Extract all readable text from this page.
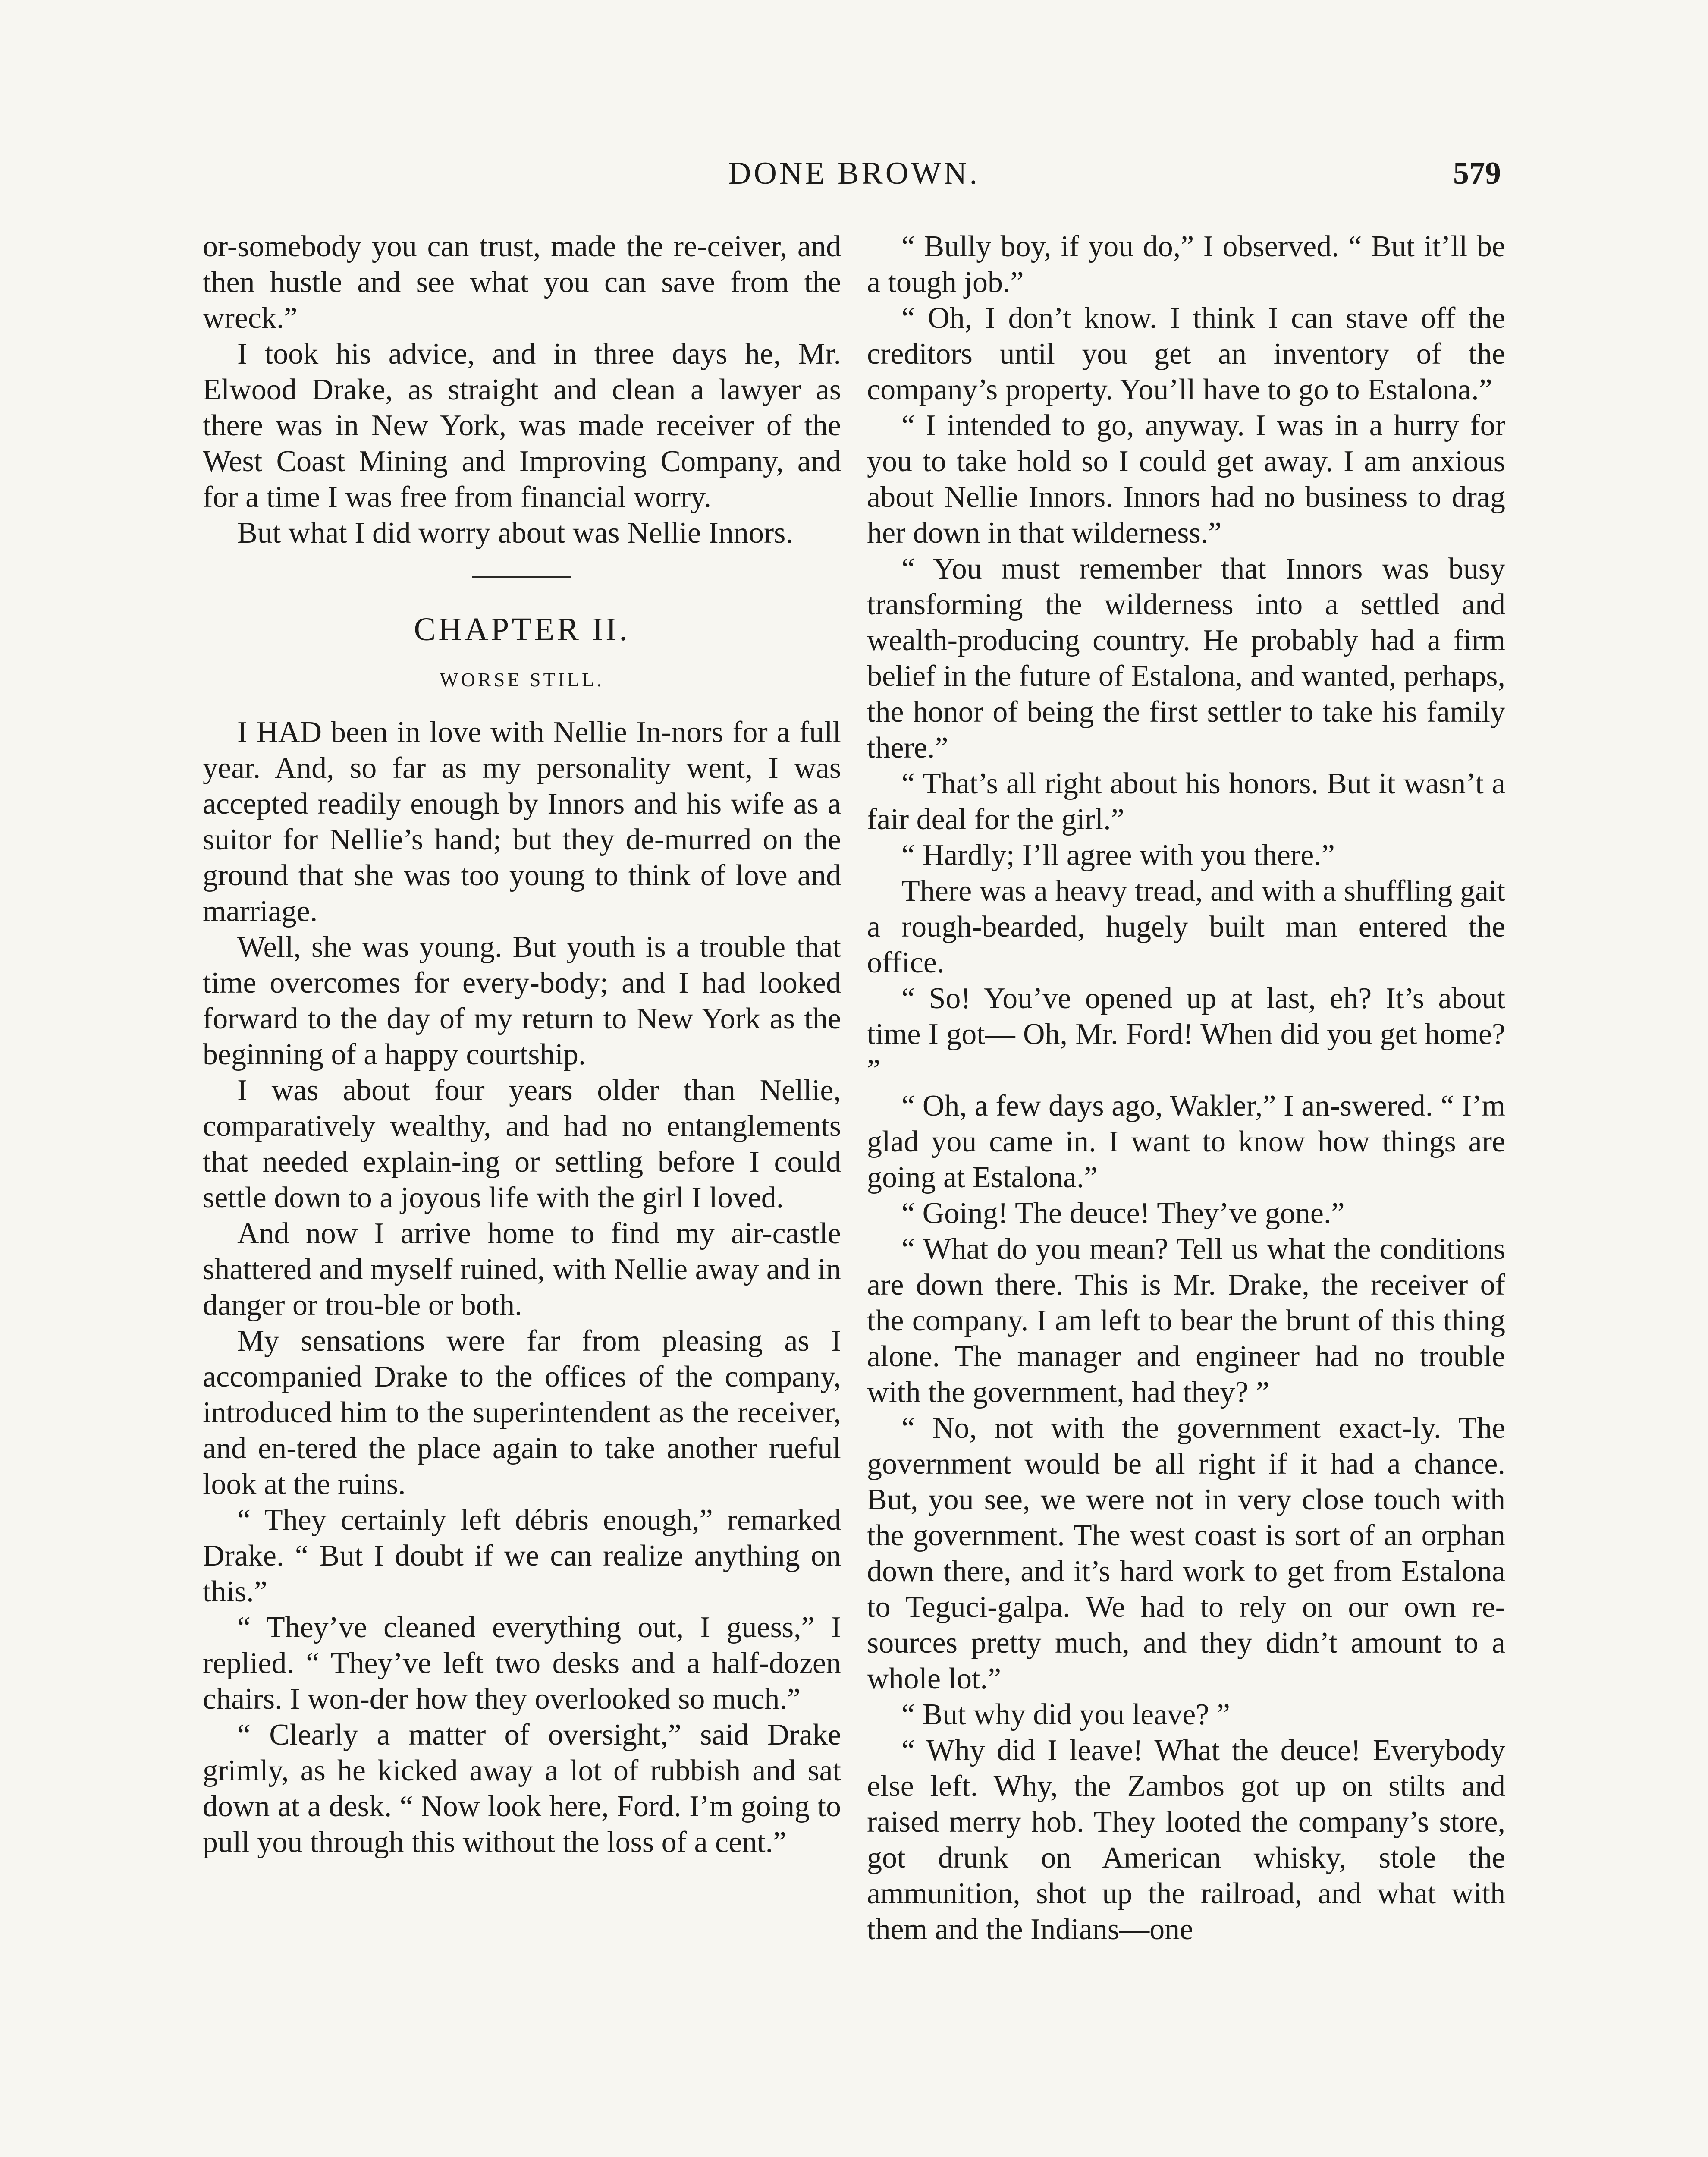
DONE BROWN.	579

or-somebody you can trust, made the re-ceiver, and then hustle and see what you can save from the wreck.”

I took his advice, and in three days he, Mr. Elwood Drake, as straight and clean a lawyer as there was in New York, was made receiver of the West Coast Mining and Improving Company, and for a time I was free from financial worry.

But what I did worry about was Nellie Innors.

CHAPTER II.
WORSE STILL.

I HAD been in love with Nellie In-nors for a full year. And, so far as my personality went, I was accepted readily enough by Innors and his wife as a suitor for Nellie’s hand; but they de-murred on the ground that she was too young to think of love and marriage.

Well, she was young. But youth is a trouble that time overcomes for every-body; and I had looked forward to the day of my return to New York as the beginning of a happy courtship.

I was about four years older than Nellie, comparatively wealthy, and had no entanglements that needed explain-ing or settling before I could settle down to a joyous life with the girl I loved.

And now I arrive home to find my air-castle shattered and myself ruined, with Nellie away and in danger or trou-ble or both.

My sensations were far from pleasing as I accompanied Drake to the offices of the company, introduced him to the superintendent as the receiver, and en-tered the place again to take another rueful look at the ruins.

“ They certainly left débris enough,” remarked Drake. “ But I doubt if we can realize anything on this.”

“ They’ve cleaned everything out, I guess,” I replied. “ They’ve left two desks and a half-dozen chairs. I won-der how they overlooked so much.”

“ Clearly a matter of oversight,” said Drake grimly, as he kicked away a lot of rubbish and sat down at a desk. “ Now look here, Ford. I’m going to pull you through this without the loss of a cent.”

“ Bully boy, if you do,” I observed. “ But it’ll be a tough job.”

“ Oh, I don’t know. I think I can stave off the creditors until you get an inventory of the company’s property. You’ll have to go to Estalona.”

“ I intended to go, anyway. I was in a hurry for you to take hold so I could get away. I am anxious about Nellie Innors. Innors had no business to drag her down in that wilderness.”

“ You must remember that Innors was busy transforming the wilderness into a settled and wealth-producing country. He probably had a firm belief in the future of Estalona, and wanted, perhaps, the honor of being the first settler to take his family there.”

“ That’s all right about his honors. But it wasn’t a fair deal for the girl.”

“ Hardly; I’ll agree with you there.”

There was a heavy tread, and with a shuffling gait a rough-bearded, hugely built man entered the office.

“ So! You’ve opened up at last, eh? It’s about time I got— Oh, Mr. Ford! When did you get home? ”

“ Oh, a few days ago, Wakler,” I an-swered. “ I’m glad you came in. I want to know how things are going at Estalona.”

“ Going! The deuce! They’ve gone.”

“ What do you mean? Tell us what the conditions are down there. This is Mr. Drake, the receiver of the company. I am left to bear the brunt of this thing alone. The manager and engineer had no trouble with the government, had they? ”

“ No, not with the government exact-ly. The government would be all right if it had a chance. But, you see, we were not in very close touch with the government. The west coast is sort of an orphan down there, and it’s hard work to get from Estalona to Teguci-galpa. We had to rely on our own re-sources pretty much, and they didn’t amount to a whole lot.”

“ But why did you leave? ”

“ Why did I leave! What the deuce! Everybody else left. Why, the Zambos got up on stilts and raised merry hob. They looted the company’s store, got drunk on American whisky, stole the ammunition, shot up the railroad, and what with them and the Indians—one
